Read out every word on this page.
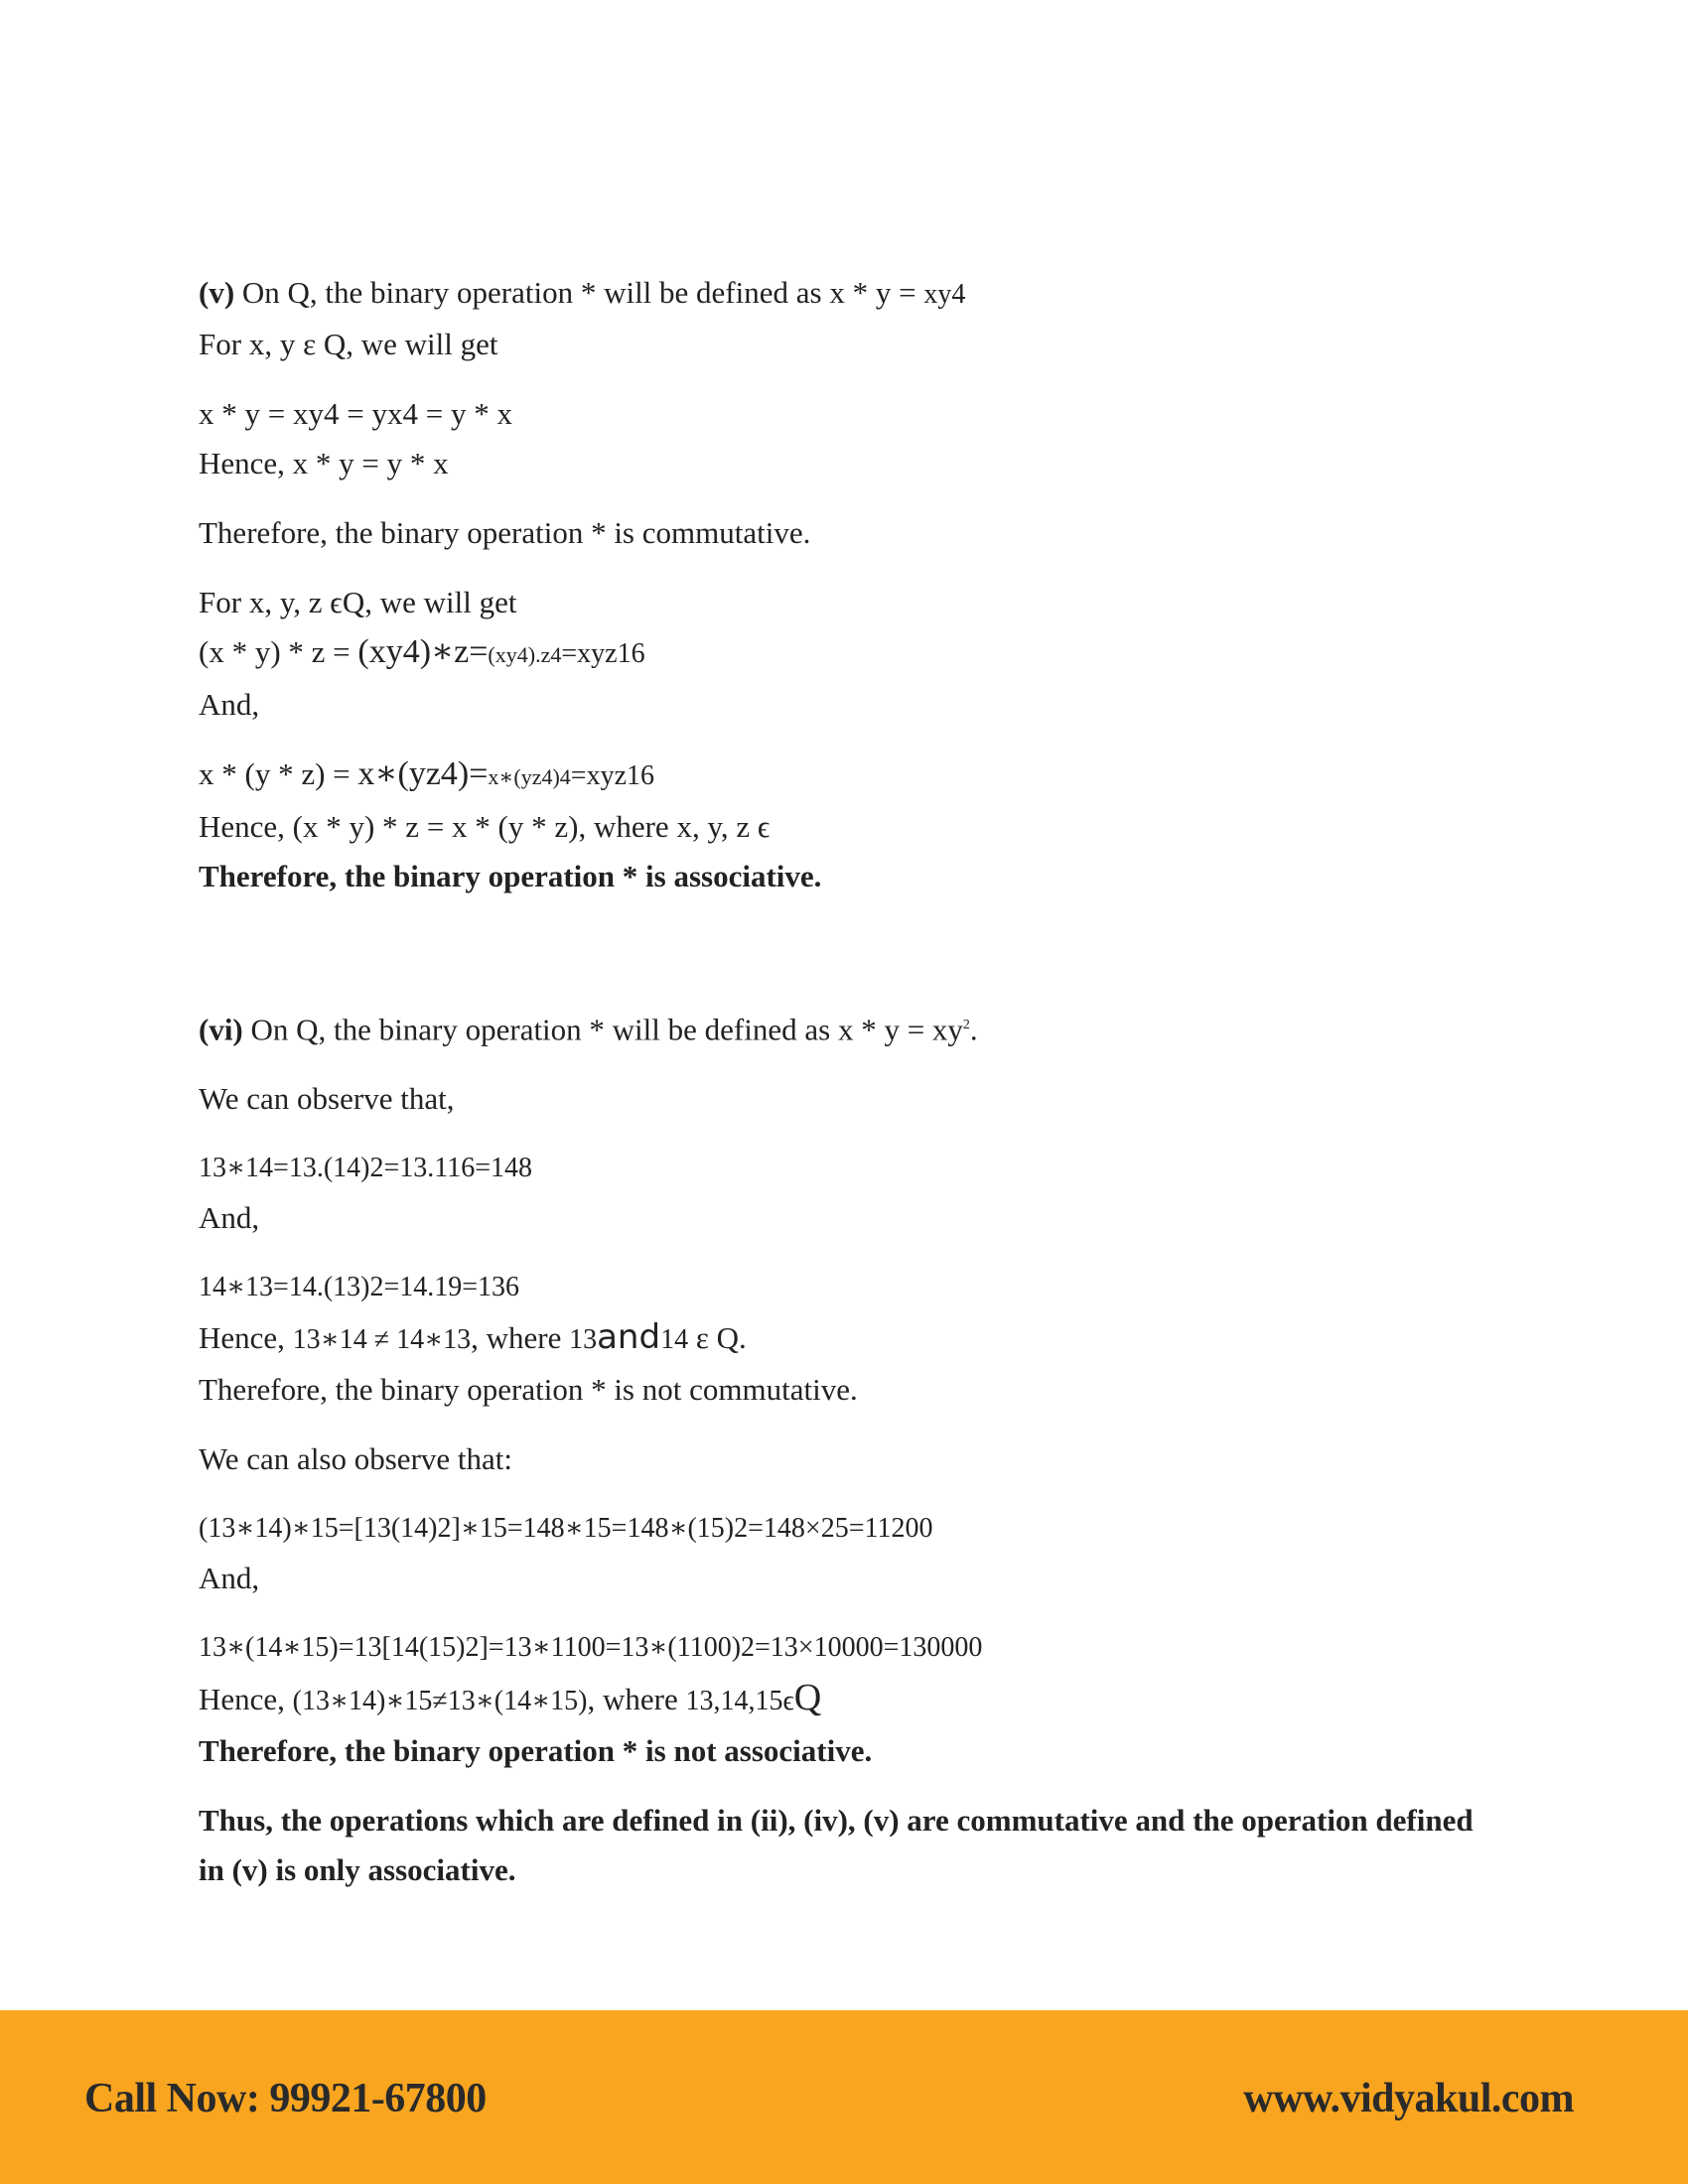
(v) On Q, the binary operation * will be defined as x * y = xy4
For x, y ε Q, we will get
x * y = xy4 = yx4 = y * x
Hence, x * y = y * x
Therefore, the binary operation * is commutative.
For x, y, z ϵQ, we will get
(x * y) * z = (xy4)∗z=(xy4).z4=xyz16
And,
x * (y * z) = x∗(yz4)=x∗(yz4)4=xyz16
Hence, (x * y) * z = x * (y * z), where x, y, z ϵ
Therefore, the binary operation * is associative.
(vi) On Q, the binary operation * will be defined as $x * y = xy^2$.
We can observe that,
13∗14=13.(14)2=13.116=148
And,
14∗13=14.(13)2=14.19=136
Hence, 13∗14 ≠ 14∗13, where 13and14 ε Q.
Therefore, the binary operation * is not commutative.
We can also observe that:
(13∗14)∗15=[13(14)2]∗15=148∗15=148∗(15)2=148×25=11200
And,
13∗(14∗15)=13[14(15)2]=13∗1100=13∗(1100)2=13×10000=130000
Hence, (13∗14)∗15≠13∗(14∗15), where 13,14,15ϵQ
Therefore, the binary operation * is not associative.
Thus, the operations which are defined in (ii), (iv), (v) are commutative and the operation defined in (v) is only associative.
Call Now: 99921-67800	www.vidyakul.com
